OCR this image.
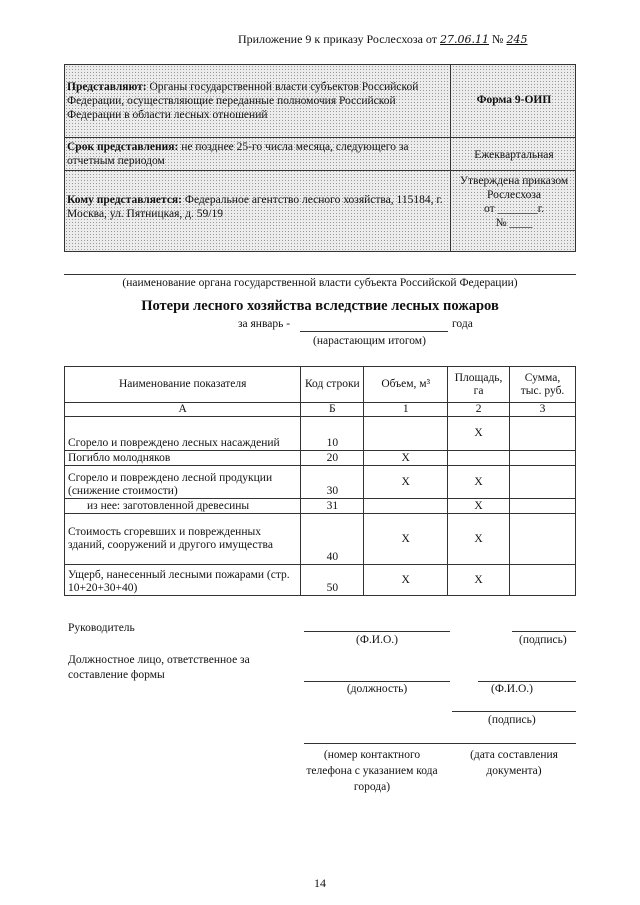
Приложение 9 к приказу Рослесхоза от 27.06.11 № 245
Представляют: Органы государственной власти субъектов Российской Федерации, осуществляющие переданные полномочия Российской Федерации в области лесных отношений
Форма 9-ОИП
Срок представления: не позднее 25-го числа месяца, следующего за отчетным периодом	Ежеквартальная
Кому представляется: Федеральное агентство лесного хозяйства, 115184, г. Москва, ул. Пятницкая, д. 59/19
Утверждена приказом
Рослесхоза
от _______г.
№ ____
(наименование органа государственной власти субъекта Российской Федерации)
Потери лесного хозяйства вследствие лесных пожаров
за январь -	года
(нарастающим итогом)
Наименование показателя	Код строки	Объем, м³	Площадь, га	Сумма, тыс. руб.
А	Б	1	2	3
Сгорело и повреждено лесных насаждений	10		X	
Погибло молодняков	20	X		
Сгорело и повреждено лесной продукции (снижение стоимости)	30	X	X	
из нее: заготовленной древесины	31		X	
Стоимость сгоревших и поврежденных зданий, сооружений и другого имущества	40	X	X	
Ущерб, нанесенный лесными пожарами (стр. 10+20+30+40)	50	X	X	
Руководитель
(Ф.И.О.)	(подпись)
Должностное лицо, ответственное за составление формы
(должность)	(Ф.И.О.)
(подпись)
(номер контактного телефона с указанием кода города)
(дата составления документа)
14
